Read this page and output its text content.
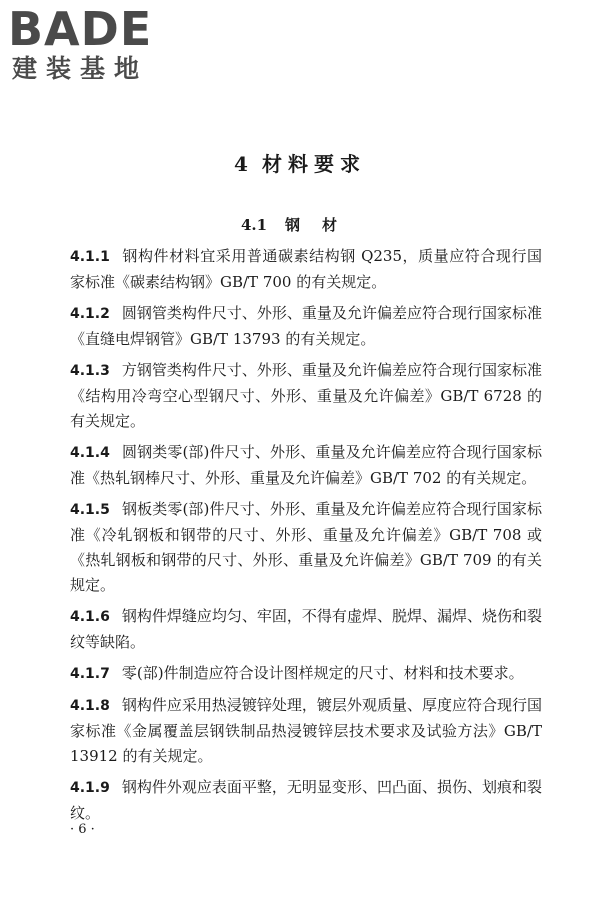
BADE
建装基地
4 材料要求
4.1 钢材

4.1.1 钢构件材料宜采用普通碳素结构钢 Q235，质量应符合现行国家标准《碳素结构钢》GB/T 700 的有关规定。

4.1.2 圆钢管类构件尺寸、外形、重量及允许偏差应符合现行国家标准《直缝电焊钢管》GB/T 13793 的有关规定。

4.1.3 方钢管类构件尺寸、外形、重量及允许偏差应符合现行国家标准《结构用冷弯空心型钢尺寸、外形、重量及允许偏差》GB/T 6728 的有关规定。

4.1.4 圆钢类零(部)件尺寸、外形、重量及允许偏差应符合现行国家标准《热轧钢棒尺寸、外形、重量及允许偏差》GB/T 702 的有关规定。

4.1.5 钢板类零(部)件尺寸、外形、重量及允许偏差应符合现行国家标准《冷轧钢板和钢带的尺寸、外形、重量及允许偏差》GB/T 708 或《热轧钢板和钢带的尺寸、外形、重量及允许偏差》GB/T 709 的有关规定。

4.1.6 钢构件焊缝应均匀、牢固，不得有虚焊、脱焊、漏焊、烧伤和裂纹等缺陷。

4.1.7 零(部)件制造应符合设计图样规定的尺寸、材料和技术要求。

4.1.8 钢构件应采用热浸镀锌处理，镀层外观质量、厚度应符合现行国家标准《金属覆盖层钢铁制品热浸镀锌层技术要求及试验方法》GB/T 13912 的有关规定。

4.1.9 钢构件外观应表面平整，无明显变形、凹凸面、损伤、划痕和裂纹。

· 6 ·
